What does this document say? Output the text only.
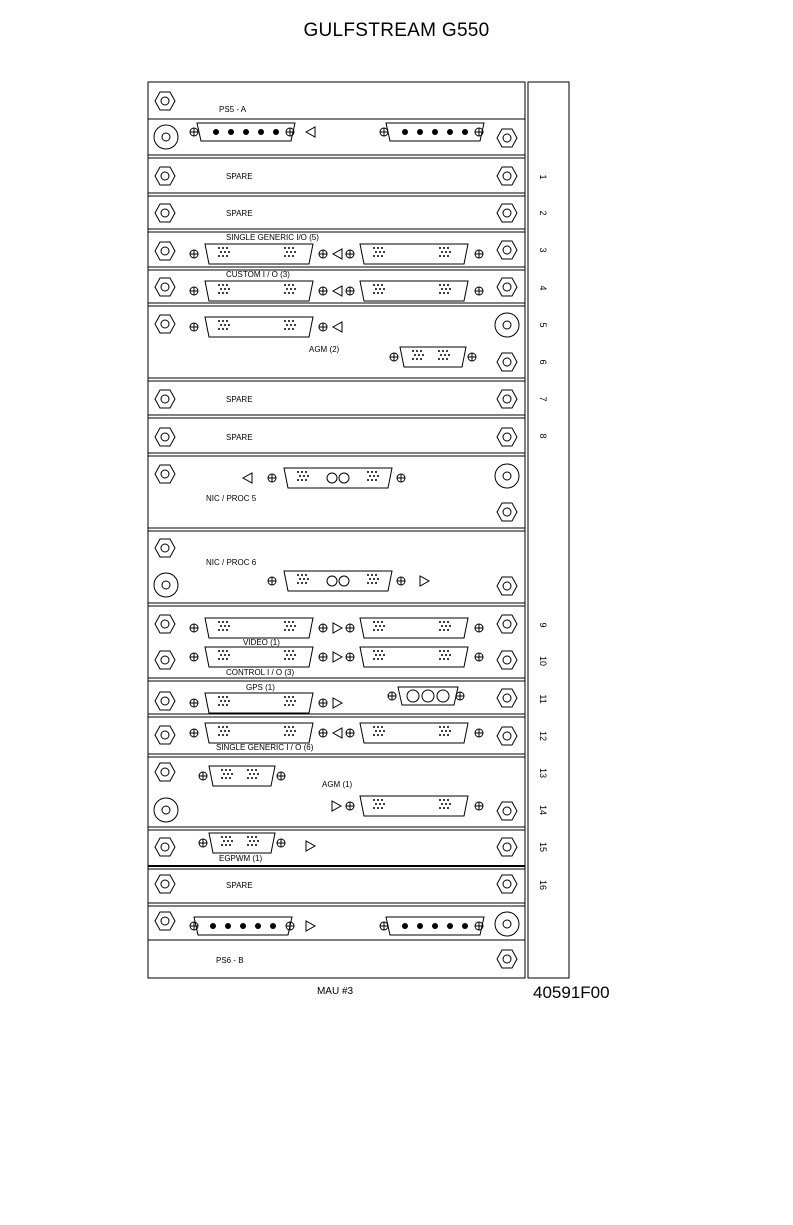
GULFSTREAM G550
PS5 - A
SPARE
SPARE
SINGLE GENERIC I/O (5)
CUSTOM I / O (3)
AGM (2)
SPARE
SPARE
NIC / PROC 5
NIC / PROC 6
VIDEO (1)
CONTROL I / O (3)
GPS (1)
SINGLE GENERIC I / O (6)
AGM (1)
EGPWM (1)
SPARE
PS6 - B
1
2
3
4
5
6
7
8
9
10
11
12
13
14
15
16
MAU #3	40591F00
